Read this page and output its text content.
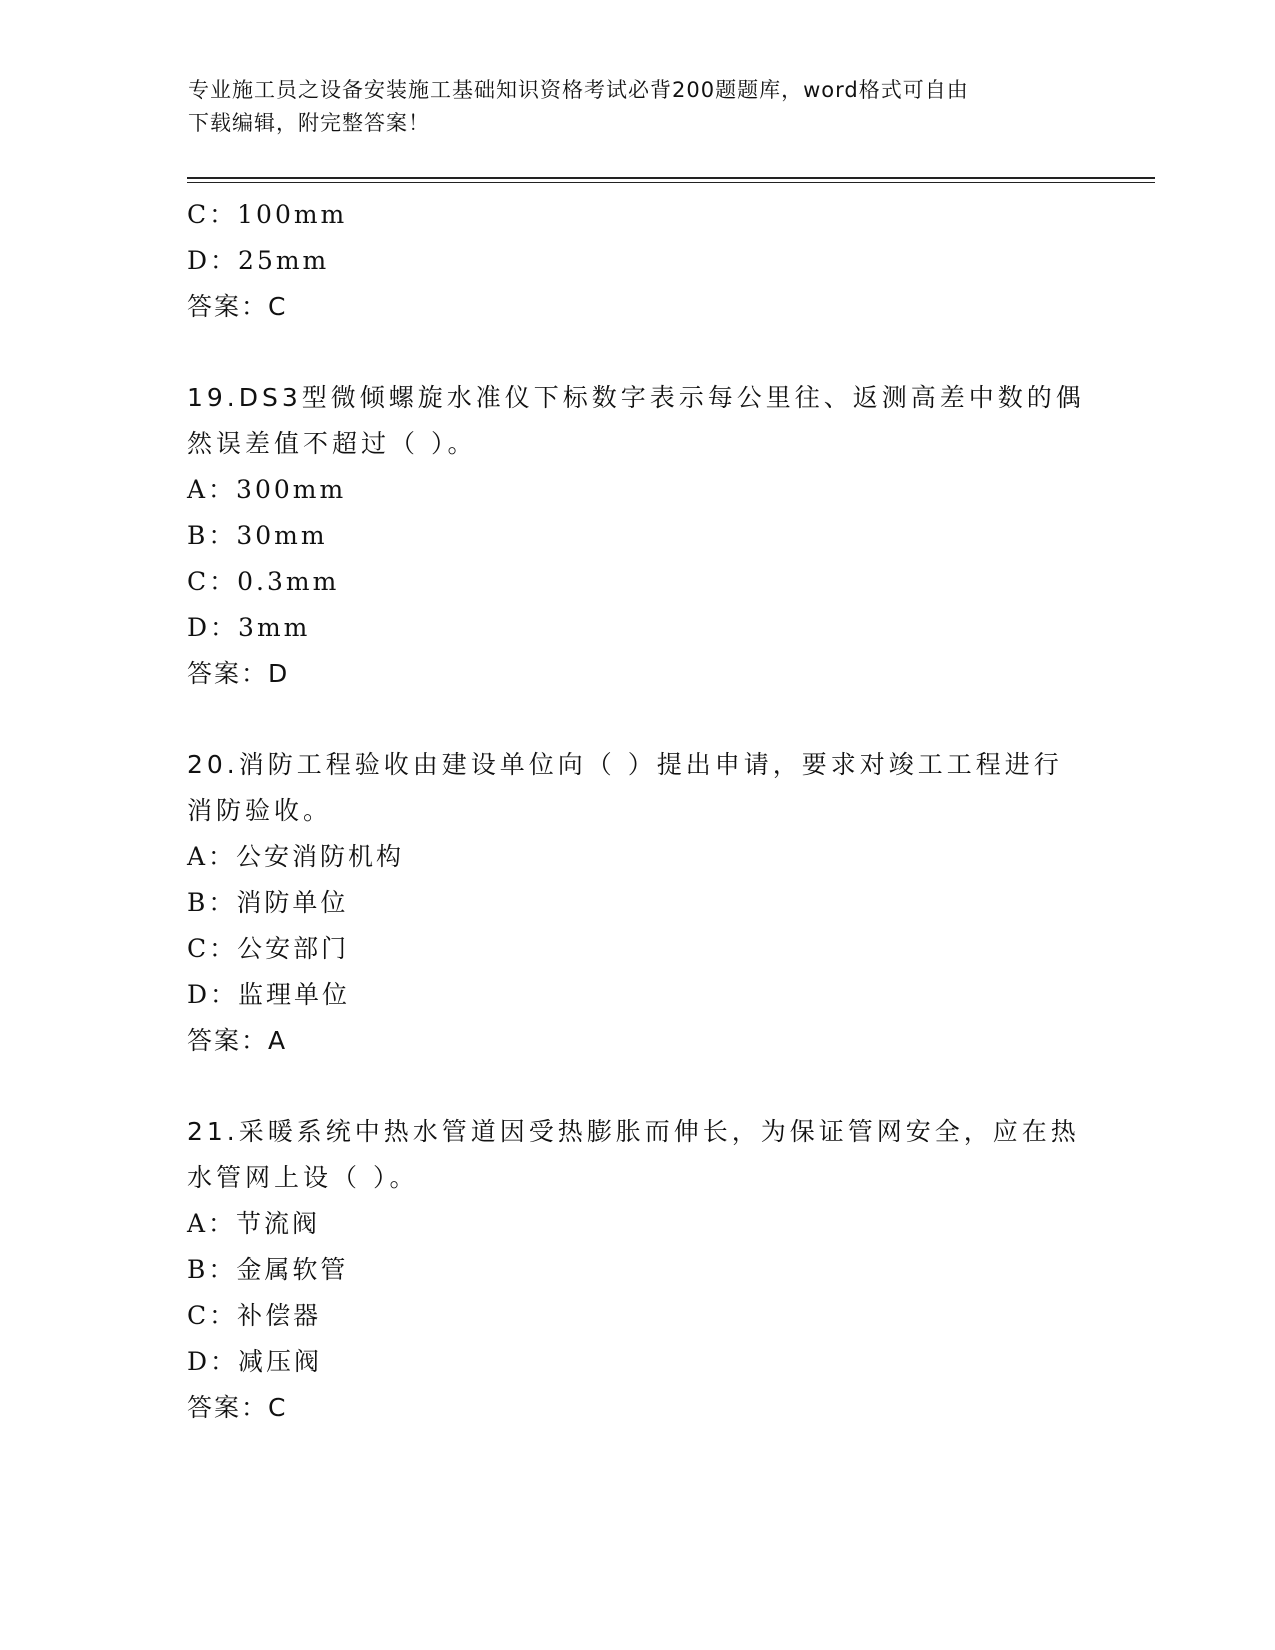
专业施工员之设备安装施工基础知识资格考试必背200题题库，word格式可自由
下载编辑，附完整答案！
C：100mm
D：25mm
答案：C
19.DS3型微倾螺旋水准仪下标数字表示每公里往、返测高差中数的偶
然误差值不超过（ ）。
A：300mm
B：30mm
C：0.3mm
D：3mm
答案：D
20.消防工程验收由建设单位向（ ）提出申请，要求对竣工工程进行
消防验收。
A：公安消防机构
B：消防单位
C：公安部门
D：监理单位
答案：A
21.采暖系统中热水管道因受热膨胀而伸长，为保证管网安全，应在热
水管网上设（ ）。
A：节流阀
B：金属软管
C：补偿器
D：减压阀
答案：C
